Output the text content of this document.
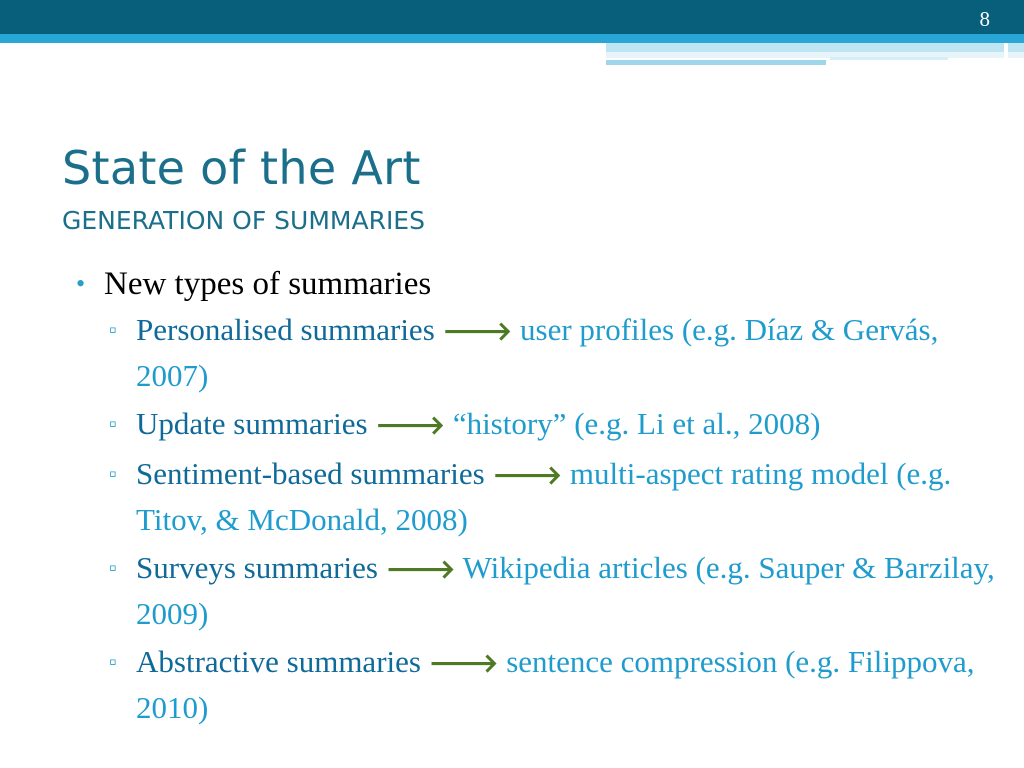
8
State of the Art
GENERATION OF SUMMARIES
• New types of summaries
▫ Personalised summaries 🡒 user profiles (e.g. Díaz & Gervás, 2007)
▫ Update summaries 🡒 “history” (e.g. Li et al., 2008)
▫ Sentiment-based summaries 🡒 multi-aspect rating model (e.g. Titov, & McDonald, 2008)
▫ Surveys summaries 🡒 Wikipedia articles (e.g. Sauper & Barzilay, 2009)
▫ Abstractive summaries 🡒 sentence compression (e.g. Filippova, 2010)
